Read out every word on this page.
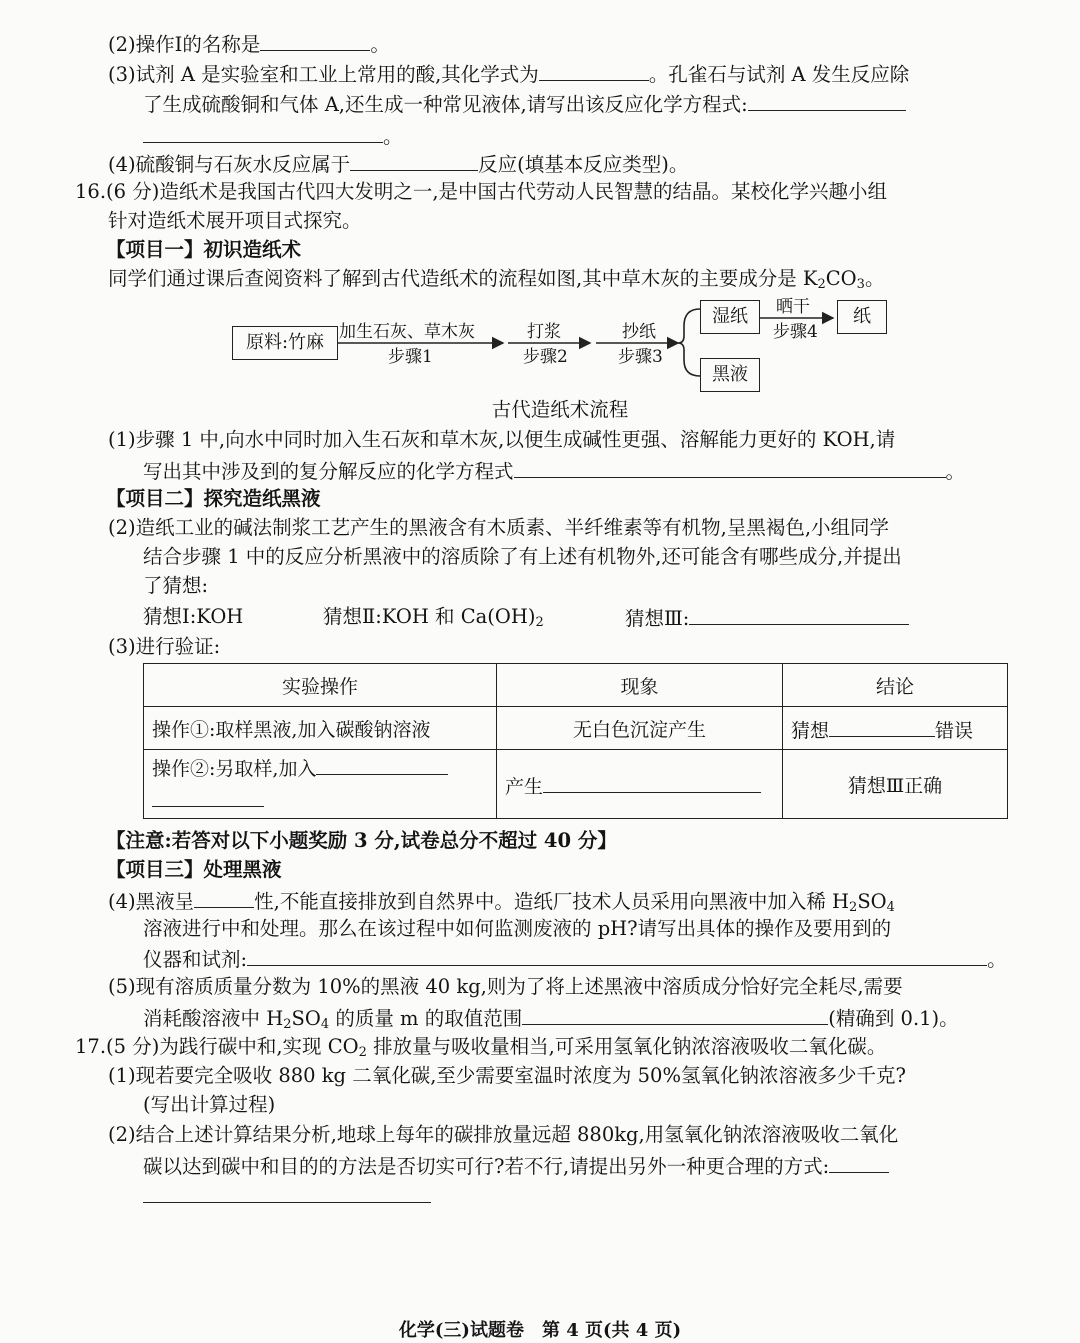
(2)操作Ⅰ的名称是	。
(3)试剂 A 是实验室和工业上常用的酸,其化学式为	。孔雀石与试剂 A 发生反应除
了生成硫酸铜和气体 A,还生成一种常见液体,请写出该反应化学方程式:
。
(4)硫酸铜与石灰水反应属于	反应(填基本反应类型)。
16.(6 分)造纸术是我国古代四大发明之一,是中国古代劳动人民智慧的结晶。某校化学兴趣小组
针对造纸术展开项目式探究。
【项目一】初识造纸术
同学们通过课后查阅资料了解到古代造纸术的流程如图,其中草木灰的主要成分是 $K_2CO_3$。
原料:竹麻 加生石灰、草木灰
步骤1
打浆
步骤2
抄纸
步骤3
湿纸	晒干
步骤4
纸
黑液
古代造纸术流程
(1)步骤 1 中,向水中同时加入生石灰和草木灰,以便生成碱性更强、溶解能力更好的 KOH,请
写出其中涉及到的复分解反应的化学方程式	。
【项目二】探究造纸黑液
(2)造纸工业的碱法制浆工艺产生的黑液含有木质素、半纤维素等有机物,呈黑褐色,小组同学
结合步骤 1 中的反应分析黑液中的溶质除了有上述有机物外,还可能含有哪些成分,并提出
了猜想:
猜想Ⅰ:KOH	猜想Ⅱ:KOH 和 $Ca(OH)_2$	猜想Ⅲ:
(3)进行验证:
实验操作	现象	结论
操作①:取样黑液,加入碳酸钠溶液	无白色沉淀产生	猜想 错误
操作②:另取样,加入	产生	猜想Ⅲ正确
【注意:若答对以下小题奖励 3 分,试卷总分不超过 40 分】
【项目三】处理黑液
(4)黑液呈	性,不能直接排放到自然界中。造纸厂技术人员采用向黑液中加入稀 $H_2SO_4$
溶液进行中和处理。那么在该过程中如何监测废液的 pH?请写出具体的操作及要用到的
仪器和试剂:	。
(5)现有溶质质量分数为 10%的黑液 40 kg,则为了将上述黑液中溶质成分恰好完全耗尽,需要
消耗酸溶液中 $H_2SO_4$ 的质量 m 的取值范围	(精确到 0.1)。
17.(5 分)为践行碳中和,实现 $CO_2$ 排放量与吸收量相当,可采用氢氧化钠浓溶液吸收二氧化碳。
(1)现若要完全吸收 880 kg 二氧化碳,至少需要室温时浓度为 50%氢氧化钠浓溶液多少千克?
(写出计算过程)
(2)结合上述计算结果分析,地球上每年的碳排放量远超 880kg,用氢氧化钠浓溶液吸收二氧化
碳以达到碳中和目的的方法是否切实可行?若不行,请提出另外一种更合理的方式:
化学(三)试题卷　第 4 页(共 4 页)
